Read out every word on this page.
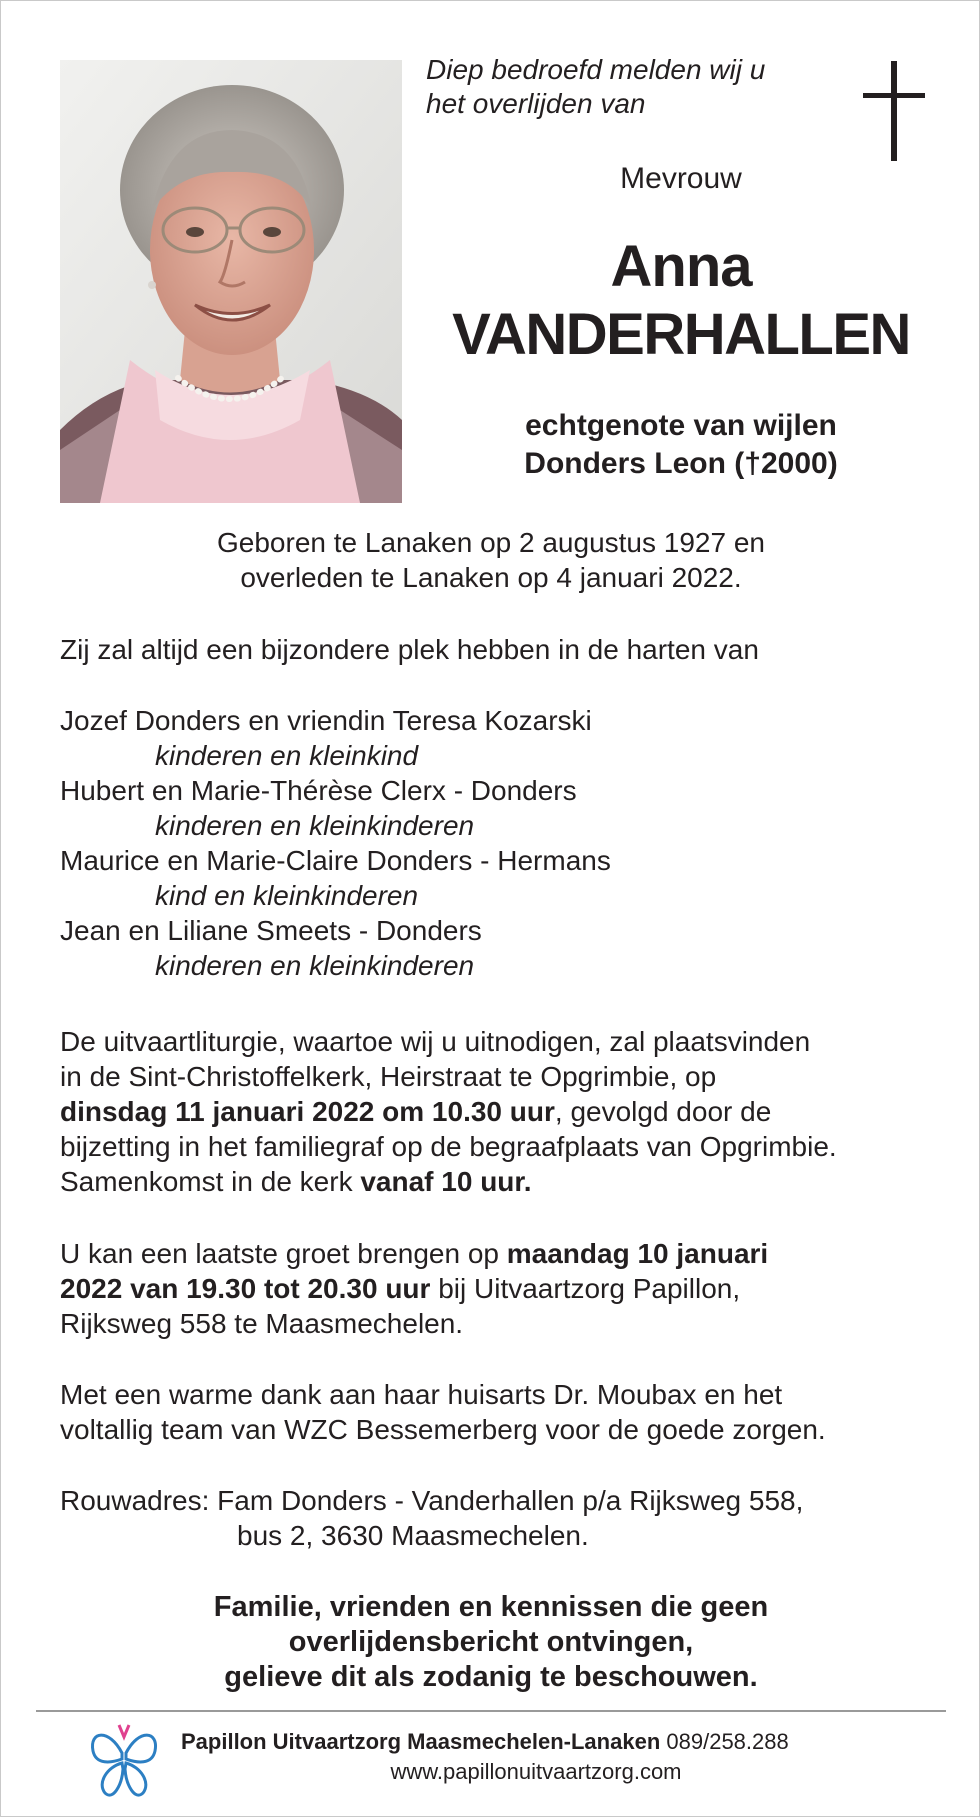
Diep bedroefd melden wij u
het overlijden van
Mevrouw
Anna
VANDERHALLEN
echtgenote van wijlen
Donders Leon (†2000)
Geboren te Lanaken op 2 augustus 1927 en
overleden te Lanaken op 4 januari 2022.
Zij zal altijd een bijzondere plek hebben in de harten van
Jozef Donders en vriendin Teresa Kozarski
kinderen en kleinkind
Hubert en Marie-Thérèse Clerx - Donders
kinderen en kleinkinderen
Maurice en Marie-Claire Donders - Hermans
kind en kleinkinderen
Jean en Liliane Smeets - Donders
kinderen en kleinkinderen
De uitvaartliturgie, waartoe wij u uitnodigen, zal plaatsvinden
in de Sint-Christoffelkerk, Heirstraat te Opgrimbie, op
dinsdag 11 januari 2022 om 10.30 uur, gevolgd door de
bijzetting in het familiegraf op de begraafplaats van Opgrimbie.
Samenkomst in de kerk vanaf 10 uur.
U kan een laatste groet brengen op maandag 10 januari
2022 van 19.30 tot 20.30 uur bij Uitvaartzorg Papillon,
Rijksweg 558 te Maasmechelen.
Met een warme dank aan haar huisarts Dr. Moubax en het
voltallig team van WZC Bessemerberg voor de goede zorgen.
Rouwadres: Fam Donders - Vanderhallen p/a Rijksweg 558,
bus 2, 3630 Maasmechelen.
Familie, vrienden en kennissen die geen
overlijdensbericht ontvingen,
gelieve dit als zodanig te beschouwen.
Papillon Uitvaartzorg Maasmechelen-Lanaken 089/258.288
www.papillonuitvaartzorg.com
